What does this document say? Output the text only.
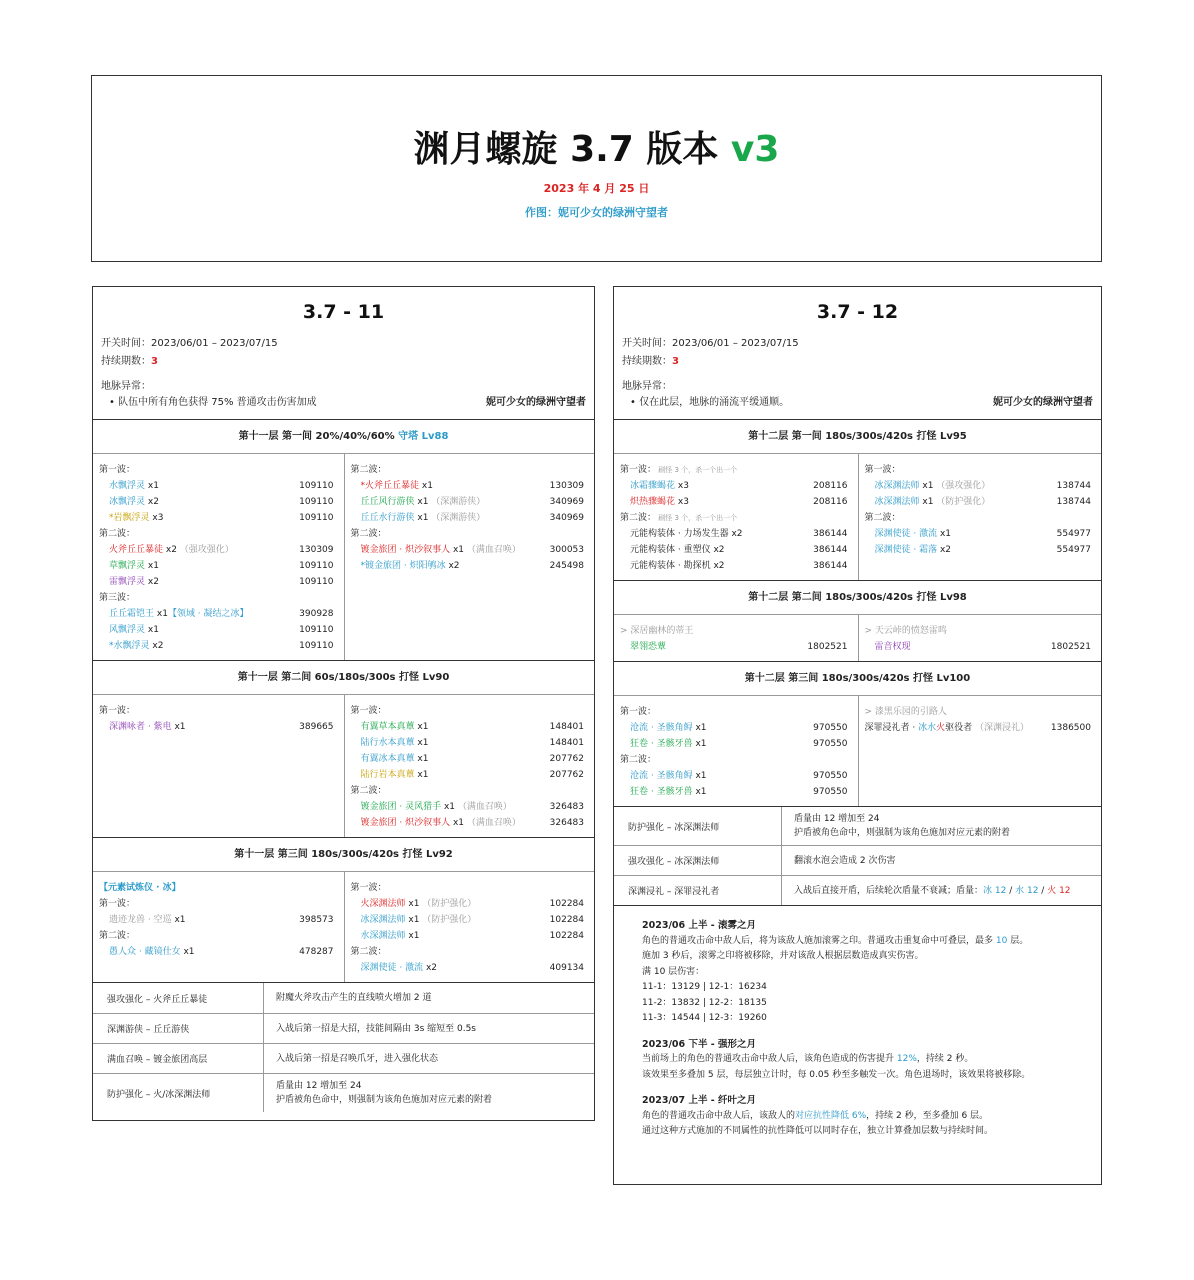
渊月螺旋 3.7 版本 v3
2023 年 4 月 25 日
作图：妮可少女的绿洲守望者
3.7 - 11
开关时间：2023/06/01 – 2023/07/15
持续期数：3
地脉异常：
• 队伍中所有角色获得 75% 普通攻击伤害加成	妮可少女的绿洲守望者
第十一层 第一间 20%/40%/60% 守塔 Lv88
第一波：
水飘浮灵 x1	109110
冰飘浮灵 x2	109110
*岩飘浮灵 x3	109110
第二波：
火斧丘丘暴徒 x2 （强攻强化）	130309
草飘浮灵 x1	109110
雷飘浮灵 x2	109110
第三波：
丘丘霜铠王 x1【领域 · 凝结之冰】	390928
风飘浮灵 x1	109110
*水飘浮灵 x2	109110
第二波：
*火斧丘丘暴徒 x1	130309
丘丘风行游侠 x1 （深渊游侠）	340969
丘丘水行游侠 x1 （深渊游侠）	340969
第二波：
镀金旅团 · 炽沙叙事人 x1 （满血召唤）	300053
*镀金旅团 · 炽阳鸲冰 x2	245498
第十一层 第二间 60s/180s/300s 打怪 Lv90
第一波：
深渊咏者 · 紫电 x1	389665
第一波：
有翼草本真蕈 x1	148401
陆行水本真蕈 x1	148401
有翼冰本真蕈 x1	207762
陆行岩本真蕈 x1	207762
第二波：
镀金旅团 · 灵风猎手 x1 （满血召唤）	326483
镀金旅团 · 炽沙叙事人 x1 （满血召唤）	326483
第十一层 第三间 180s/300s/420s 打怪 Lv92
【元素试炼仪 · 冰】
第一波：
遗迹龙兽 · 空巡 x1	398573
第二波：
愚人众 · 藏镜仕女 x1	478287
第一波：
火深渊法师 x1 （防护强化）	102284
冰深渊法师 x1 （防护强化）	102284
水深渊法师 x1	102284
第二波：
深渊使徒 · 激流 x2	409134
强攻强化 – 火斧丘丘暴徒	附魔火斧攻击产生的直线喷火增加 2 道
深渊游侠 – 丘丘游侠	入战后第一招是大招，技能间隔由 3s 缩短至 0.5s
满血召唤 – 镀金旅团高层	入战后第一招是召唤爪牙，进入强化状态
防护强化 – 火/冰深渊法师
盾量由 12 增加至 24
护盾被角色命中，则强制为该角色施加对应元素的附着
3.7 - 12
开关时间：2023/06/01 – 2023/07/15
持续期数：3
地脉异常：
• 仅在此层，地脉的涌流平缓通顺。	妮可少女的绿洲守望者
第十二层 第一间 180s/300s/420s 打怪 Lv95
第一波： 刷怪 3 个，杀一个出一个
冰霜骤蝎花 x3	208116
炽热骤蝎花 x3	208116
第二波： 刷怪 3 个，杀一个出一个
元能构装体 · 力场发生器 x2	386144
元能构装体 · 重塑仪 x2	386144
元能构装体 · 勘探机 x2	386144
第一波：
冰深渊法师 x1 （强攻强化）	138744
冰深渊法师 x1 （防护强化）	138744
第二波：
深渊使徒 · 激流 x1	554977
深渊使徒 · 霜落 x2	554977
第十二层 第二间 180s/300s/420s 打怪 Lv98
> 深居幽林的蒂王
翠翎恐蕈	1802521
> 天云峠的愤怒雷鸣
雷音权现	1802521
第十二层 第三间 180s/300s/420s 打怪 Lv100
第一波：
沧流 · 圣骸角鲟 x1	970550
狂卷 · 圣骸牙兽 x1	970550
第二波：
沧流 · 圣骸角鲟 x1	970550
狂卷 · 圣骸牙兽 x1	970550
> 漆黑乐园的引路人
深罪浸礼者 · 冰水火驱役者 （深渊浸礼） 1386500
防护强化 – 冰深渊法师
盾量由 12 增加至 24
护盾被角色命中，则强制为该角色施加对应元素的附着
强攻强化 – 冰深渊法师	翻滚水泡会造成 2 次伤害
深渊浸礼 – 深罪浸礼者	入战后直接开盾，后续轮次盾量不衰减；盾量：冰 12 / 水 12 / 火 12
2023/06 上半 - 滚雾之月
角色的普通攻击命中敌人后，将为该敌人施加滚雾之印。普通攻击重复命中可叠层，最多 10 层。
施加 3 秒后，滚雾之印将被移除，并对该敌人根据层数造成真实伤害。
满 10 层伤害：
11-1：13129 | 12-1：16234
11-2：13832 | 12-2：18135
11-3：14544 | 12-3：19260
2023/06 下半 - 强形之月
当前场上的角色的普通攻击命中敌人后，该角色造成的伤害提升 12%，持续 2 秒。
该效果至多叠加 5 层，每层独立计时，每 0.05 秒至多触发一次。角色退场时，该效果将被移除。
2023/07 上半 - 纤叶之月
角色的普通攻击命中敌人后，该敌人的对应抗性降低 6%，持续 2 秒，至多叠加 6 层。
通过这种方式施加的不同属性的抗性降低可以同时存在，独立计算叠加层数与持续时间。
